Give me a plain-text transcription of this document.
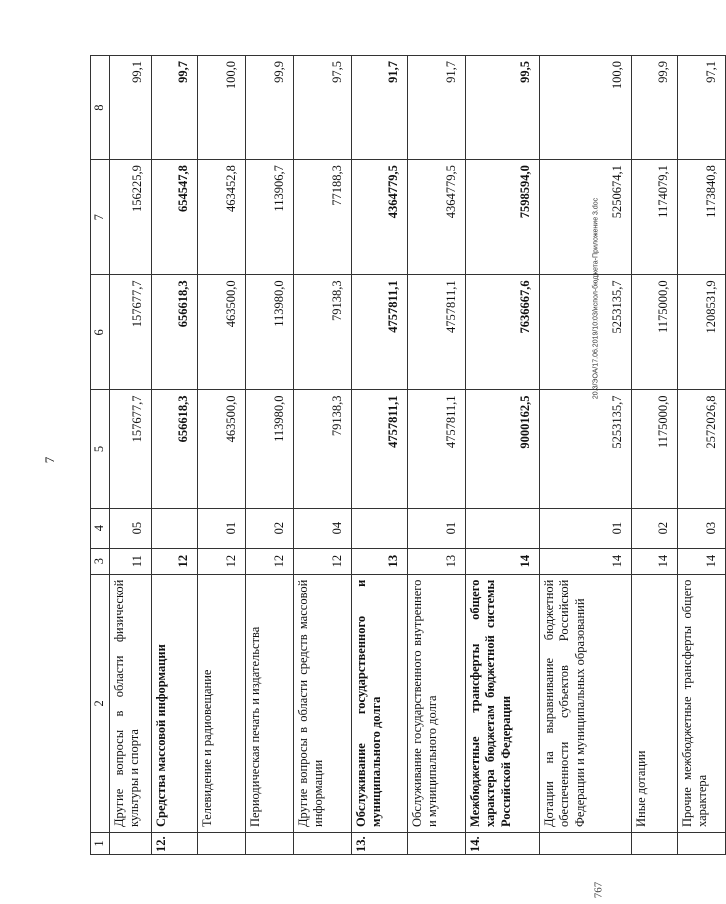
7
20.3/ЭОА/17.06.2019/10:03/испол-бюджета-Приложение 3.doc
767
1	2	3	4	5	6	7	8
	Другие вопросы в области физической культуры и спорта	11	05	157677,7	157677,7	156225,9	99,1
12.	Средства массовой информации	12		656618,3	656618,3	654547,8	99,7
	Телевидение и радиовещание	12	01	463500,0	463500,0	463452,8	100,0
	Периодическая печать и издательства	12	02	113980,0	113980,0	113906,7	99,9
	Другие вопросы в области средств массовой информации	12	04	79138,3	79138,3	77188,3	97,5
13.	Обслуживание государственного и муниципального долга	13		4757811,1	4757811,1	4364779,5	91,7
	Обслуживание государственного внутреннего и муниципального долга	13	01	4757811,1	4757811,1	4364779,5	91,7
14.	Межбюджетные трансферты общего характера бюджетам бюджетной системы Российской Федерации	14		9000162,5	7636667,6	7598594,0	99,5
	Дотации на выравнивание бюджетной обеспеченности субъектов Российской Федерации и муниципальных образований	14	01	5253135,7	5253135,7	5250674,1	100,0
	Иные дотации	14	02	1175000,0	1175000,0	1174079,1	99,9
	Прочие межбюджетные трансферты общего характера	14	03	2572026,8	1208531,9	1173840,8	97,1
